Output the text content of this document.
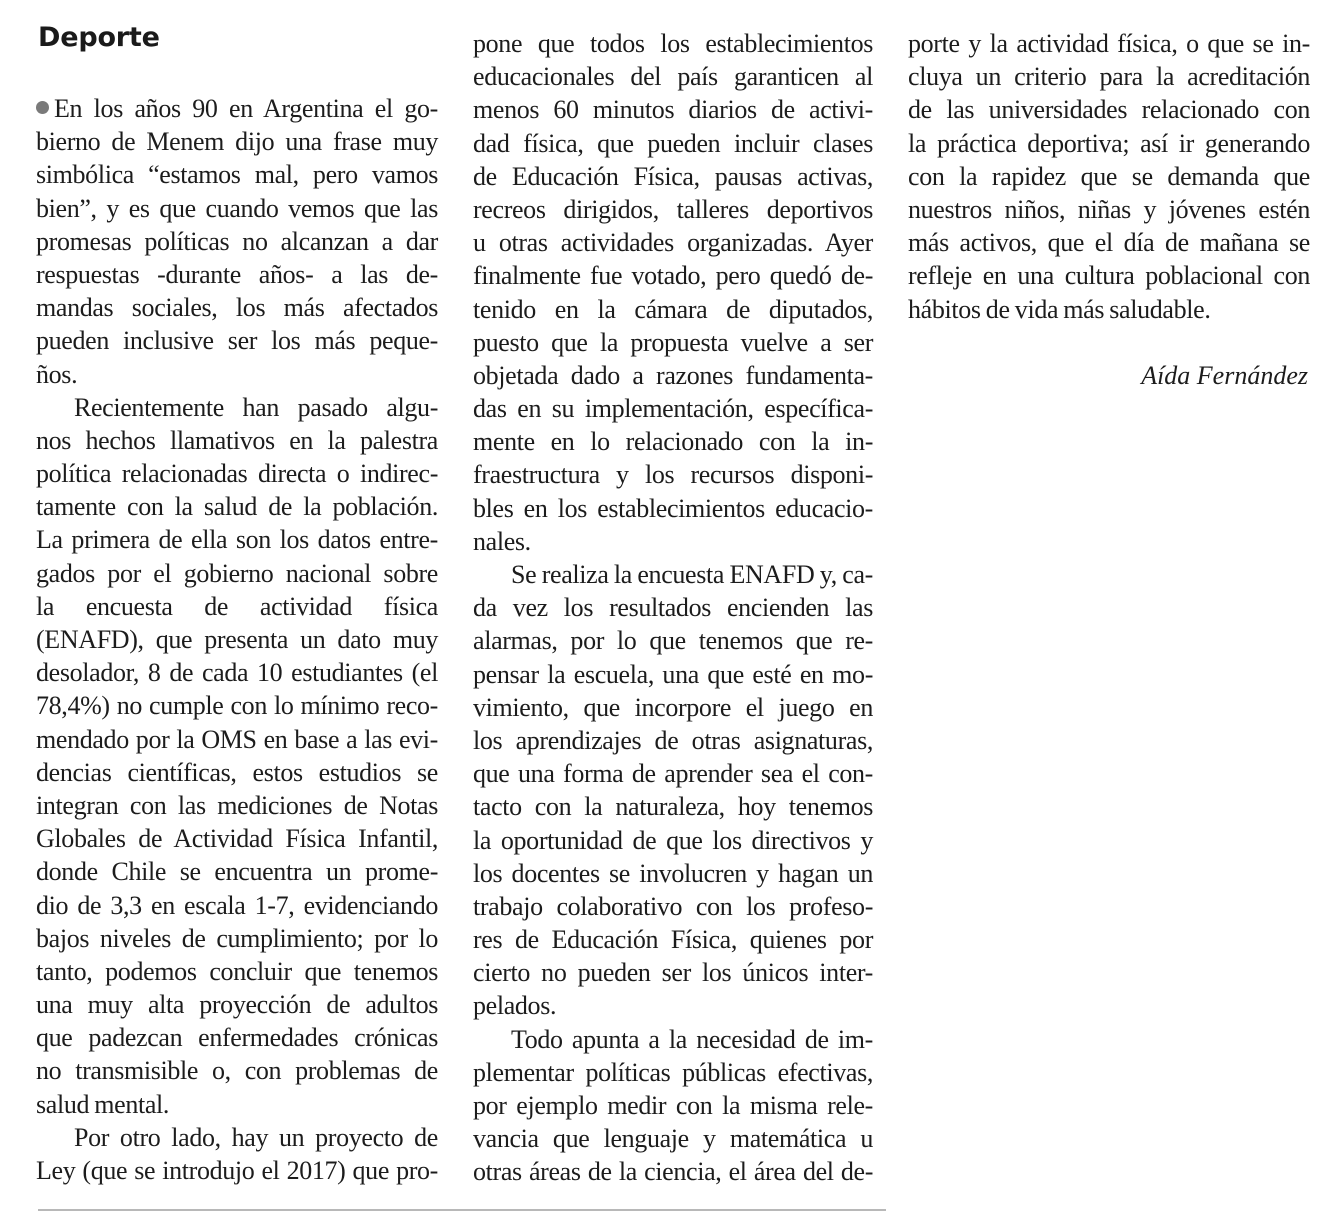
Deporte
En los años 90 en Argentina el go-
bierno de Menem dijo una frase muy
simbólica “estamos mal, pero vamos
bien”, y es que cuando vemos que las
promesas políticas no alcanzan a dar
respuestas -durante años- a las de-
mandas sociales, los más afectados
pueden inclusive ser los más peque-
ños.
Recientemente han pasado algu-
nos hechos llamativos en la palestra
política relacionadas directa o indirec-
tamente con la salud de la población.
La primera de ella son los datos entre-
gados por el gobierno nacional sobre
la encuesta de actividad física
(ENAFD), que presenta un dato muy
desolador, 8 de cada 10 estudiantes (el
78,4%) no cumple con lo mínimo reco-
mendado por la OMS en base a las evi-
dencias científicas, estos estudios se
integran con las mediciones de Notas
Globales de Actividad Física Infantil,
donde Chile se encuentra un prome-
dio de 3,3 en escala 1-7, evidenciando
bajos niveles de cumplimiento; por lo
tanto, podemos concluir que tenemos
una muy alta proyección de adultos
que padezcan enfermedades crónicas
no transmisible o, con problemas de
salud mental.
Por otro lado, hay un proyecto de
Ley (que se introdujo el 2017) que pro-
pone que todos los establecimientos
educacionales del país garanticen al
menos 60 minutos diarios de activi-
dad física, que pueden incluir clases
de Educación Física, pausas activas,
recreos dirigidos, talleres deportivos
u otras actividades organizadas. Ayer
finalmente fue votado, pero quedó de-
tenido en la cámara de diputados,
puesto que la propuesta vuelve a ser
objetada dado a razones fundamenta-
das en su implementación, específica-
mente en lo relacionado con la in-
fraestructura y los recursos disponi-
bles en los establecimientos educacio-
nales.
Se realiza la encuesta ENAFD y, ca-
da vez los resultados encienden las
alarmas, por lo que tenemos que re-
pensar la escuela, una que esté en mo-
vimiento, que incorpore el juego en
los aprendizajes de otras asignaturas,
que una forma de aprender sea el con-
tacto con la naturaleza, hoy tenemos
la oportunidad de que los directivos y
los docentes se involucren y hagan un
trabajo colaborativo con los profeso-
res de Educación Física, quienes por
cierto no pueden ser los únicos inter-
pelados.
Todo apunta a la necesidad de im-
plementar políticas públicas efectivas,
por ejemplo medir con la misma rele-
vancia que lenguaje y matemática u
otras áreas de la ciencia, el área del de-
porte y la actividad física, o que se in-
cluya un criterio para la acreditación
de las universidades relacionado con
la práctica deportiva; así ir generando
con la rapidez que se demanda que
nuestros niños, niñas y jóvenes estén
más activos, que el día de mañana se
refleje en una cultura poblacional con
hábitos de vida más saludable.
Aída Fernández
